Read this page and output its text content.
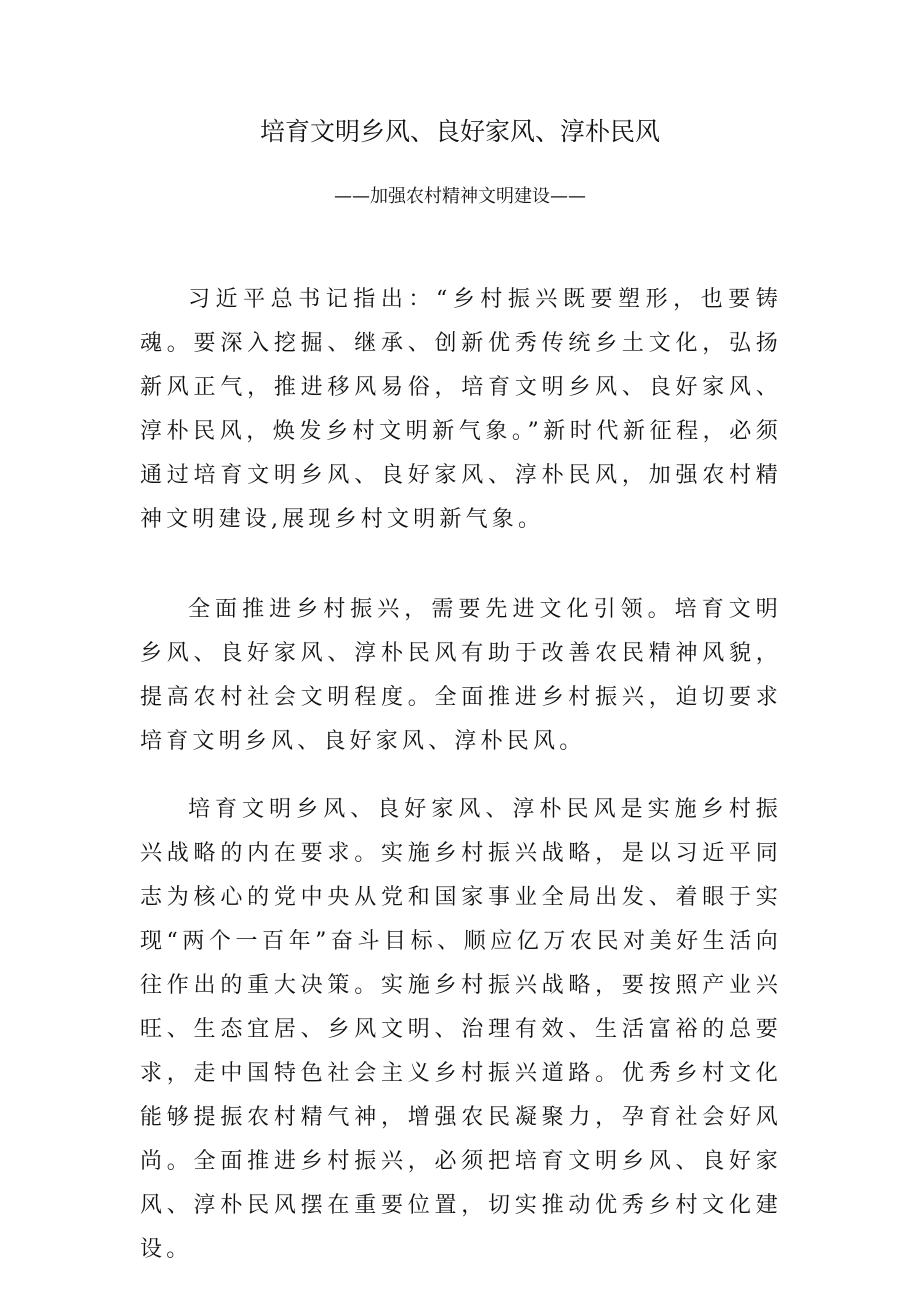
培育文明乡风、良好家风、淳朴民风
——加强农村精神文明建设——

习近平总书记指出：“乡村振兴既要塑形，也要铸魂。要深入挖掘、继承、创新优秀传统乡土文化，弘扬新风正气，推进移风易俗，培育文明乡风、良好家风、淳朴民风，焕发乡村文明新气象。”新时代新征程，必须通过培育文明乡风、良好家风、淳朴民风，加强农村精神文明建设,展现乡村文明新气象。

全面推进乡村振兴，需要先进文化引领。培育文明乡风、良好家风、淳朴民风有助于改善农民精神风貌，提高农村社会文明程度。全面推进乡村振兴，迫切要求培育文明乡风、良好家风、淳朴民风。

培育文明乡风、良好家风、淳朴民风是实施乡村振兴战略的内在要求。实施乡村振兴战略，是以习近平同志为核心的党中央从党和国家事业全局出发、着眼于实现“两个一百年”奋斗目标、顺应亿万农民对美好生活向往作出的重大决策。实施乡村振兴战略，要按照产业兴旺、生态宜居、乡风文明、治理有效、生活富裕的总要求，走中国特色社会主义乡村振兴道路。优秀乡村文化能够提振农村精气神，增强农民凝聚力，孕育社会好风尚。全面推进乡村振兴，必须把培育文明乡风、良好家风、淳朴民风摆在重要位置，切实推动优秀乡村文化建设。
